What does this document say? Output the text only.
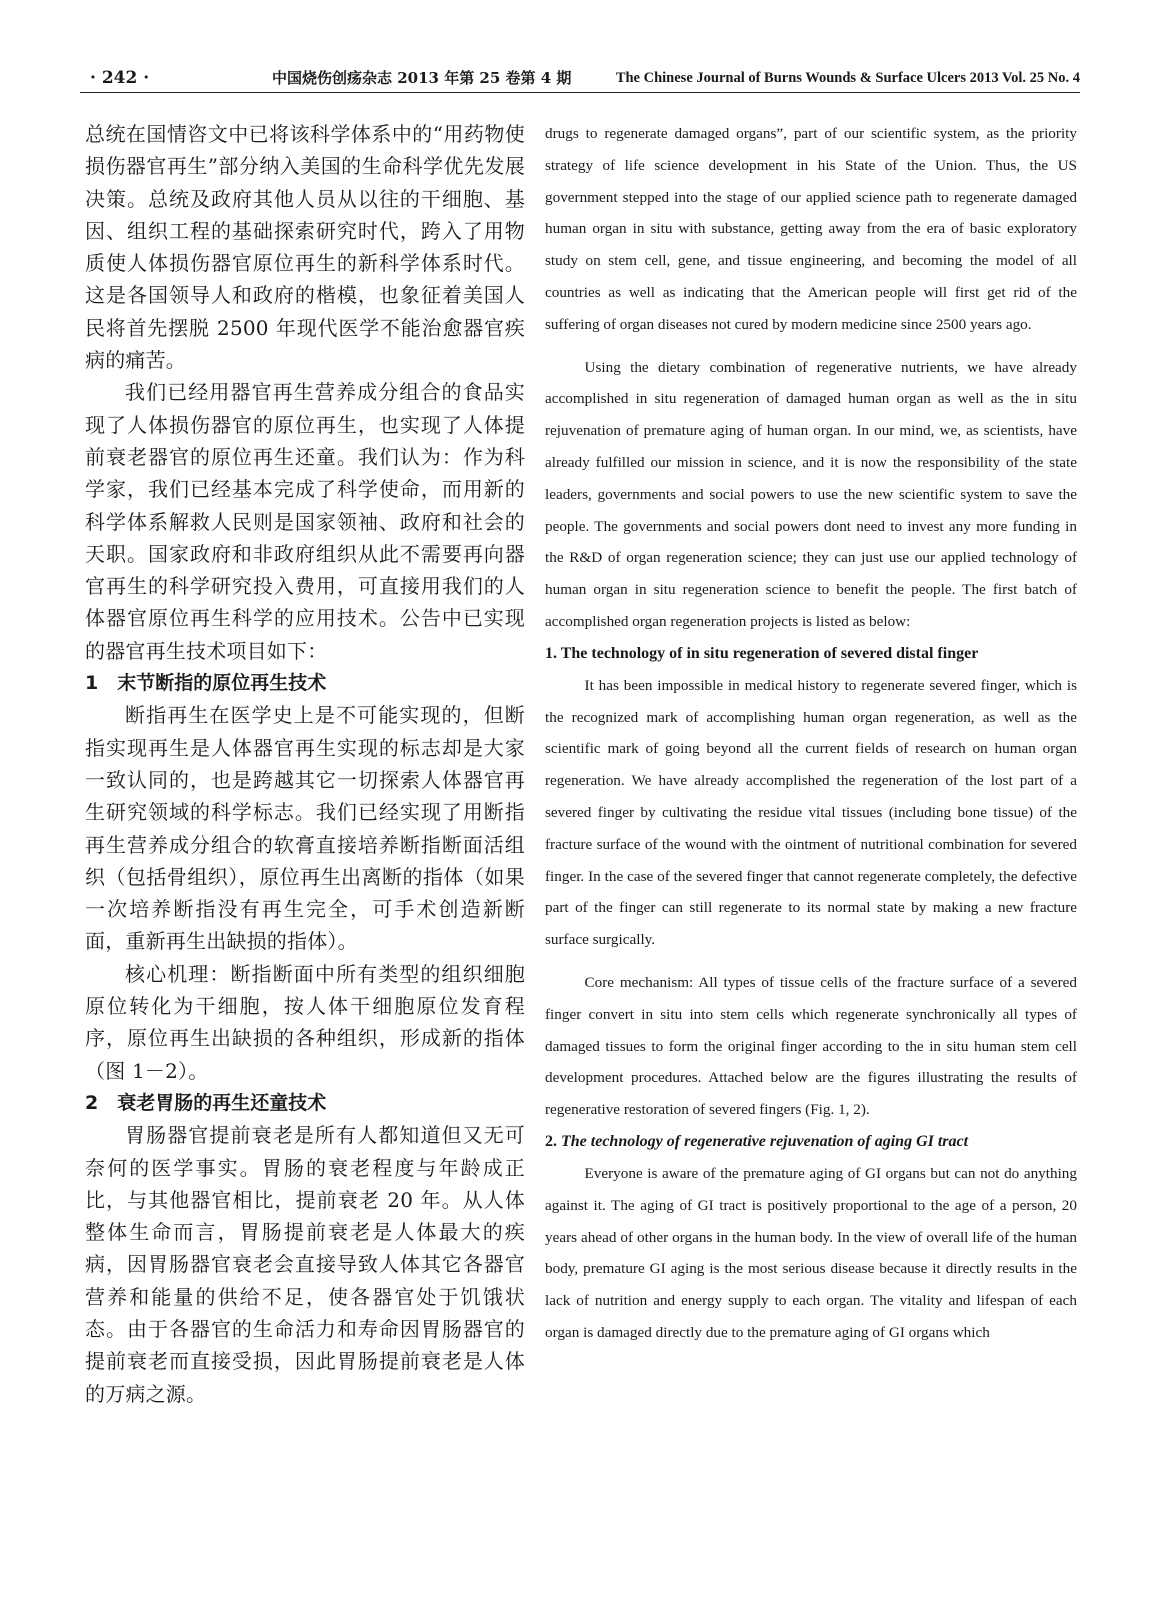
· 242 ·	中国烧伤创疡杂志 2013 年第 25 卷第 4 期	The Chinese Journal of Burns Wounds & Surface Ulcers 2013 Vol. 25 No. 4

总统在国情咨文中已将该科学体系中的“用药物使损伤器官再生”部分纳入美国的生命科学优先发展决策。总统及政府其他人员从以往的干细胞、基因、组织工程的基础探索研究时代，跨入了用物质使人体损伤器官原位再生的新科学体系时代。这是各国领导人和政府的楷模，也象征着美国人民将首先摆脱 2500 年现代医学不能治愈器官疾病的痛苦。

我们已经用器官再生营养成分组合的食品实现了人体损伤器官的原位再生，也实现了人体提前衰老器官的原位再生还童。我们认为：作为科学家，我们已经基本完成了科学使命，而用新的科学体系解救人民则是国家领袖、政府和社会的天职。国家政府和非政府组织从此不需要再向器官再生的科学研究投入费用，可直接用我们的人体器官原位再生科学的应用技术。公告中已实现的器官再生技术项目如下：

1　末节断指的原位再生技术

断指再生在医学史上是不可能实现的，但断指实现再生是人体器官再生实现的标志却是大家一致认同的，也是跨越其它一切探索人体器官再生研究领域的科学标志。我们已经实现了用断指再生营养成分组合的软膏直接培养断指断面活组织（包括骨组织），原位再生出离断的指体（如果一次培养断指没有再生完全，可手术创造新断面，重新再生出缺损的指体）。

核心机理：断指断面中所有类型的组织细胞原位转化为干细胞，按人体干细胞原位发育程序，原位再生出缺损的各种组织，形成新的指体（图 1－2）。

2　衰老胃肠的再生还童技术

胃肠器官提前衰老是所有人都知道但又无可奈何的医学事实。胃肠的衰老程度与年龄成正比，与其他器官相比，提前衰老 20 年。从人体整体生命而言，胃肠提前衰老是人体最大的疾病，因胃肠器官衰老会直接导致人体其它各器官营养和能量的供给不足，使各器官处于饥饿状态。由于各器官的生命活力和寿命因胃肠器官的提前衰老而直接受损，因此胃肠提前衰老是人体的万病之源。

drugs to regenerate damaged organs”, part of our scientific system, as the priority strategy of life science development in his State of the Union. Thus, the US government stepped into the stage of our applied science path to regenerate damaged human organ in situ with substance, getting away from the era of basic exploratory study on stem cell, gene, and tissue engineering, and becoming the model of all countries as well as indicating that the American people will first get rid of the suffering of organ diseases not cured by modern medicine since 2500 years ago.

Using the dietary combination of regenerative nutrients, we have already accomplished in situ regeneration of damaged human organ as well as the in situ rejuvenation of premature aging of human organ. In our mind, we, as scientists, have already fulfilled our mission in science, and it is now the responsibility of the state leaders, governments and social powers to use the new scientific system to save the people. The governments and social powers dont need to invest any more funding in the R&D of organ regeneration science; they can just use our applied technology of human organ in situ regeneration science to benefit the people. The first batch of accomplished organ regeneration projects is listed as below:

1. The technology of in situ regeneration of severed distal finger

It has been impossible in medical history to regenerate severed finger, which is the recognized mark of accomplishing human organ regeneration, as well as the scientific mark of going beyond all the current fields of research on human organ regeneration. We have already accomplished the regeneration of the lost part of a severed finger by cultivating the residue vital tissues (including bone tissue) of the fracture surface of the wound with the ointment of nutritional combination for severed finger. In the case of the severed finger that cannot regenerate completely, the defective part of the finger can still regenerate to its normal state by making a new fracture surface surgically.

Core mechanism: All types of tissue cells of the fracture surface of a severed finger convert in situ into stem cells which regenerate synchronically all types of damaged tissues to form the original finger according to the in situ human stem cell development procedures. Attached below are the figures illustrating the results of regenerative restoration of severed fingers (Fig. 1, 2).

2. The technology of regenerative rejuvenation of aging GI tract

Everyone is aware of the premature aging of GI organs but can not do anything against it. The aging of GI tract is positively proportional to the age of a person, 20 years ahead of other organs in the human body. In the view of overall life of the human body, premature GI aging is the most serious disease because it directly results in the lack of nutrition and energy supply to each organ. The vitality and lifespan of each organ is damaged directly due to the premature aging of GI organs which
